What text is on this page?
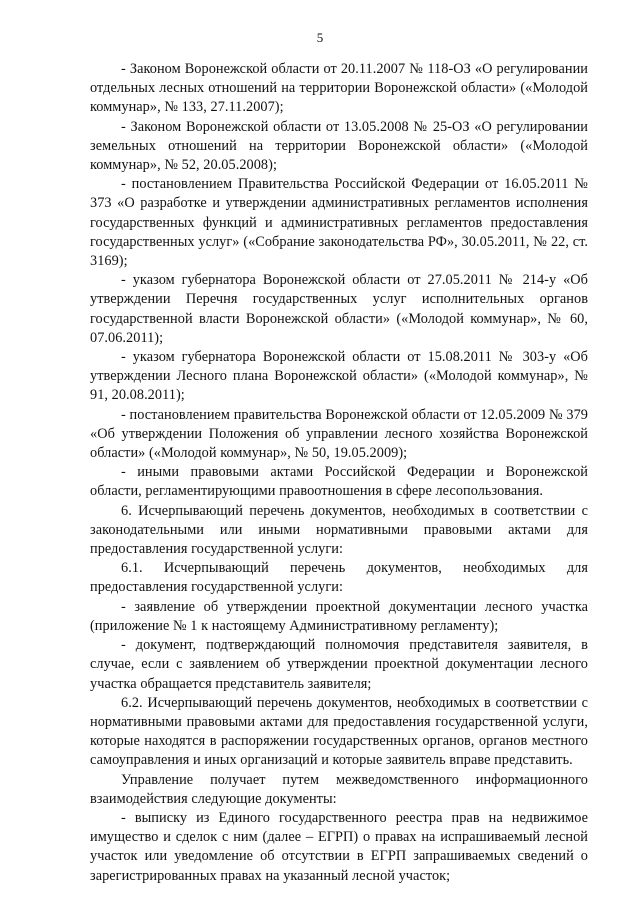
5

- Законом Воронежской области от 20.11.2007 № 118-ОЗ «О регулировании отдельных лесных отношений на территории Воронежской области» («Молодой коммунар», № 133, 27.11.2007);

- Законом Воронежской области от 13.05.2008 № 25-ОЗ «О регулировании земельных отношений на территории Воронежской области» («Молодой коммунар», № 52, 20.05.2008);

- постановлением Правительства Российской Федерации от 16.05.2011 № 373 «О разработке и утверждении административных регламентов исполнения государственных функций и административных регламентов предоставления государственных услуг» («Собрание законодательства РФ», 30.05.2011, № 22, ст. 3169);

- указом губернатора Воронежской области от 27.05.2011 № 214-у «Об утверждении Перечня государственных услуг исполнительных органов государственной власти Воронежской области» («Молодой коммунар», № 60, 07.06.2011);

- указом губернатора Воронежской области от 15.08.2011 № 303-у «Об утверждении Лесного плана Воронежской области» («Молодой коммунар», № 91, 20.08.2011);

- постановлением правительства Воронежской области от 12.05.2009 № 379 «Об утверждении Положения об управлении лесного хозяйства Воронежской области» («Молодой коммунар», № 50, 19.05.2009);

- иными правовыми актами Российской Федерации и Воронежской области, регламентирующими правоотношения в сфере лесопользования.

6. Исчерпывающий перечень документов, необходимых в соответствии с законодательными или иными нормативными правовыми актами для предоставления государственной услуги:

6.1. Исчерпывающий перечень документов, необходимых для предоставления государственной услуги:

- заявление об утверждении проектной документации лесного участка (приложение № 1 к настоящему Административному регламенту);

- документ, подтверждающий полномочия представителя заявителя, в случае, если с заявлением об утверждении проектной документации лесного участка обращается представитель заявителя;

6.2. Исчерпывающий перечень документов, необходимых в соответствии с нормативными правовыми актами для предоставления государственной услуги, которые находятся в распоряжении государственных органов, органов местного самоуправления и иных организаций и которые заявитель вправе представить.

Управление получает путем межведомственного информационного взаимодействия следующие документы:

- выписку из Единого государственного реестра прав на недвижимое имущество и сделок с ним (далее – ЕГРП) о правах на испрашиваемый лесной участок или уведомление об отсутствии в ЕГРП запрашиваемых сведений о зарегистрированных правах на указанный лесной участок;
